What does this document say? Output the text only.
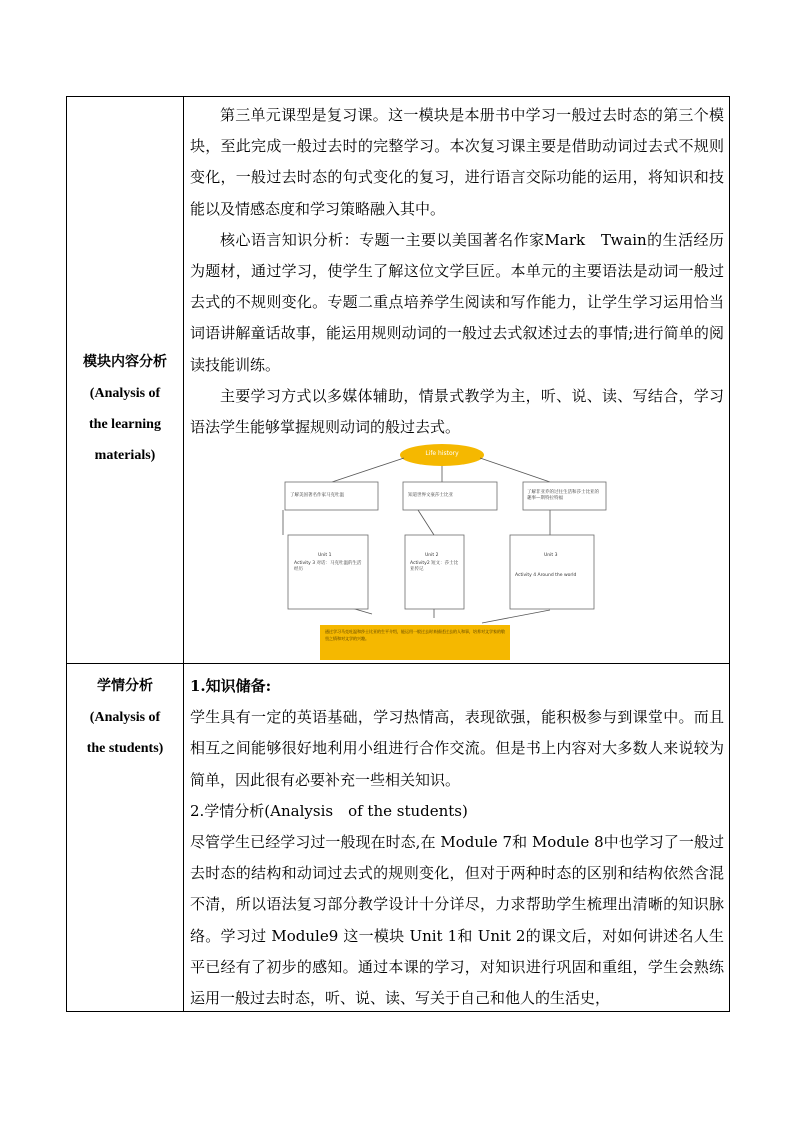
模块内容分析
(Analysis of
the learning
materials)

第三单元课型是复习课。这一模块是本册书中学习一般过去时态的第三个模块，至此完成一般过去时的完整学习。本次复习课主要是借助动词过去式不规则变化，一般过去时态的句式变化的复习，进行语言交际功能的运用，将知识和技能以及情感态度和学习策略融入其中。

核心语言知识分析：专题一主要以美国著名作家Mark　Twain的生活经历为题材，通过学习，使学生了解这位文学巨匠。本单元的主要语法是动词一般过去式的不规则变化。专题二重点培养学生阅读和写作能力，让学生学习运用恰当词语讲解童话故事，能运用规则动词的一般过去式叙述过去的事情;进行简单的阅读技能训练。

主要学习方式以多媒体辅助，情景式教学为主，听、说、读、写结合，学习语法学生能够掌握规则动词的般过去式。

学情分析
(Analysis of
the students)

1.知识储备:

学生具有一定的英语基础，学习热情高，表现欲强，能积极参与到课堂中。而且相互之间能够很好地利用小组进行合作交流。但是书上内容对大多数人来说较为简单，因此很有必要补充一些相关知识。

2.学情分析(Analysis　of the students)

尽管学生已经学习过一般现在时态,在 Module 7和 Module 8中也学习了一般过去时态的结构和动词过去式的规则变化，但对于两种时态的区别和结构依然含混不清，所以语法复习部分教学设计十分详尽，力求帮助学生梳理出清晰的知识脉络。学习过 Module9 这一模块 Unit 1和 Unit 2的课文后，对如何讲述名人生平已经有了初步的感知。通过本课的学习，对知识进行巩固和重组，学生会熟练运用一般过去时态，听、说、读、写关于自己和他人的生活史，

Life history
了解美国著名作家马克吐温	知道世界文豪莎士比亚
了解非亚乔的过往生活和莎士比亚的趣事—斯特拉特福
Unit 1
Activity 3 对话：马克吐温的生活经历
Unit 2
Activity2 短文：莎士比亚传记
Unit 3
Activity 4 Around the world
通过学习马克吐温和莎士比亚的生平介绍，能运用一般过去时来描述过去的人和事，培养对文学家的敬畏之情和对文学的兴趣。
